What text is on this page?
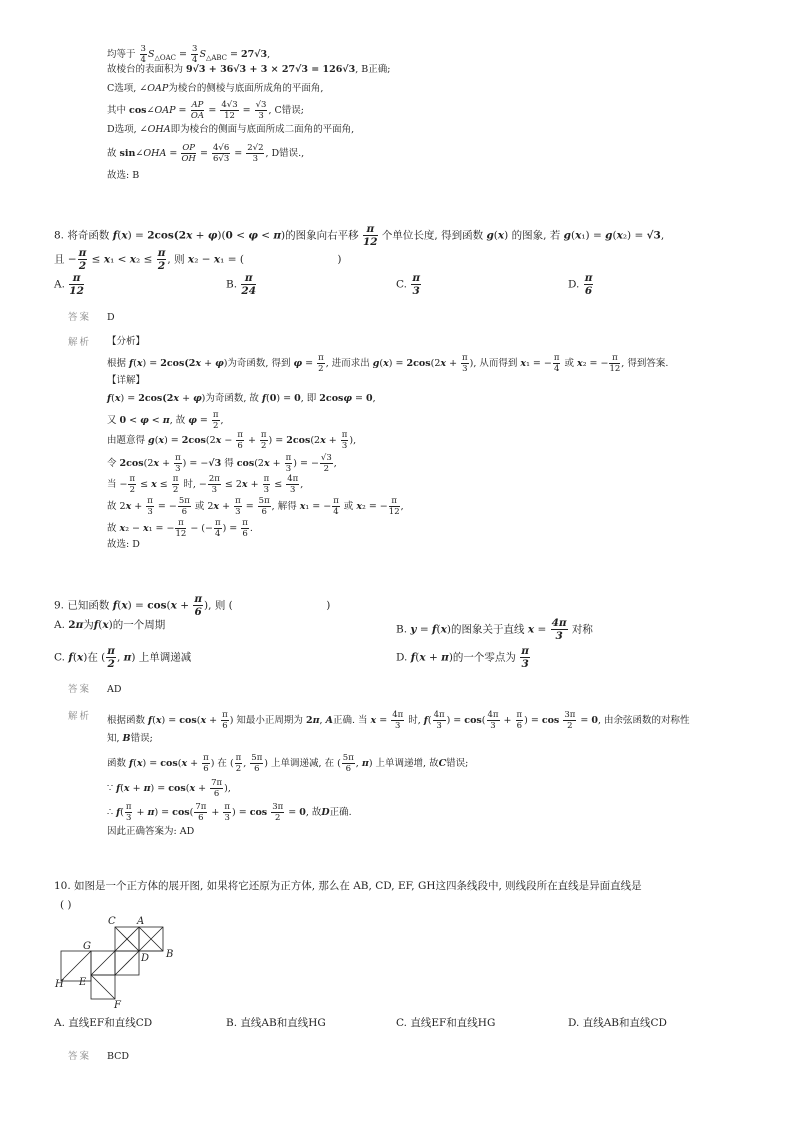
均等于 $\frac{3}{4} S_{\triangle OAC} = \frac{3}{4} S_{\triangle ABC} = 27√3$,
故棱台的表面积为 9√3 + 36√3 + 3 × 27√3 = 126√3, B正确;
C选项, ∠OAP为棱台的侧棱与底面所成角的平面角,
其中 cos∠OAP = $\frac{AP}{OA} = \frac{4√3}{12} = \frac{√3}{3}$ , C错误;
D选项, ∠OHA即为棱台的侧面与底面所成二面角的平面角,
故 sin∠OHA = $\frac{OP}{OH} = \frac{4√6}{6√3} = \frac{2√2}{3}$ , D错误.,
故选: B
8. 将奇函数 f(x) = 2cos(2x + φ)(0 < φ < π)的图象向右平移 $\frac{\pi}{12}$ 个单位长度, 得到函数 g(x) 的图象, 若 g(x₁) = g(x₂) = √3,
且 − $\frac{\pi}{2} \le x_1 < x_2 \le \frac{\pi}{2}$ , 则 x₂ − x₁ = (                            )
A. $\frac{\pi}{12}$	B. $\frac{\pi}{24}$	C. $\frac{\pi}{3}$	D. $\frac{\pi}{6}$
答案 D
解析 【分析】
根据 f(x) = 2cos(2x + φ)为奇函数, 得到 $\varphi = \frac{\pi}{2}$ , 进而求出 $g(x) = 2\cos(2x + \frac{\pi}{3}$ ), 从而得到 x₁ = − $\frac{\pi}{4}$ 或 x₂ = − $\frac{\pi}{12}$ , 得到答案.
【详解】
f(x) = 2cos(2x + φ)为奇函数, 故 f(0) = 0, 即 2cosφ = 0,
又 0 < φ < π, 故 $\varphi = \frac{\pi}{2}$ ,
由题意得 $g(x) = 2\cos(2x - \frac{\pi}{6} + \frac{\pi}{2}$ ) = $2\cos(2x + \frac{\pi}{3}$ ),
令 $2\cos(2x + \frac{\pi}{3}$ ) = −√3 得 $\cos(2x + \frac{\pi}{3}$ ) = − $\frac{√3}{2}$ ,
当 − $\frac{\pi}{2} \le x \le \frac{\pi}{2}$ 时, − $\frac{2\pi}{3} \le 2x + \frac{\pi}{3} \le \frac{4\pi}{3}$ ,
故 $2x + \frac{\pi}{3}$ = − $\frac{5\pi}{6}$ 或 $2x + \frac{\pi}{3} = \frac{5\pi}{6}$ , 解得 x₁ = − $\frac{\pi}{4}$ 或 x₂ = − $\frac{\pi}{12}$ ,
故 x₂ − x₁ = − $\frac{\pi}{12}$ − (− $\frac{\pi}{4}$ ) = $\frac{\pi}{6}$ .
故选: D
9. 已知函数 $f(x) = \cos(x + \frac{\pi}{6}$ ), 则 (                            )
A. 2π为f(x)的一个周期	B. y = f(x)的图象关于直线 $x = \frac{4\pi}{3}$ 对称
C. f(x)在 ( $\frac{\pi}{2}$ , π) 上单调递减	D. f(x + π)的一个零点为 $\frac{\pi}{3}$
答案 AD
解析 根据函数 $f(x) = \cos(x + \frac{\pi}{6}$ ) 知最小正周期为 2π, A正确. 当 $x = \frac{4\pi}{3}$ 时, $f( \frac{4\pi}{3}$ ) = $\cos( \frac{4\pi}{3} + \frac{\pi}{6}$ ) = $\cos \frac{3\pi}{2} = 0$, 由余弦函数的对称性
知, B错误;
函数 $f(x) = \cos(x + \frac{\pi}{6}$ ) 在 ( $\frac{\pi}{2}$ , $\frac{5\pi}{6}$ ) 上单调递减, 在 ( $\frac{5\pi}{6}$ , π) 上单调递增, 故C错误;
∵ $f(x + \pi) = \cos(x + \frac{7\pi}{6}$ ),
∴ $f( \frac{\pi}{3} + \pi) = \cos( \frac{7\pi}{6} + \frac{\pi}{3}$ ) = $\cos \frac{3\pi}{2} = 0$, 故D正确.
因此正确答案为: AD
10. 如图是一个正方体的展开图, 如果将它还原为正方体, 那么在 AB, CD, EF, GH这四条线段中, 则线段所在直线是异面直线是
( )
C A
G
D B
H E
F
A. 直线EF和直线CD	B. 直线AB和直线HG	C. 直线EF和直线HG	D. 直线AB和直线CD
答案 BCD
